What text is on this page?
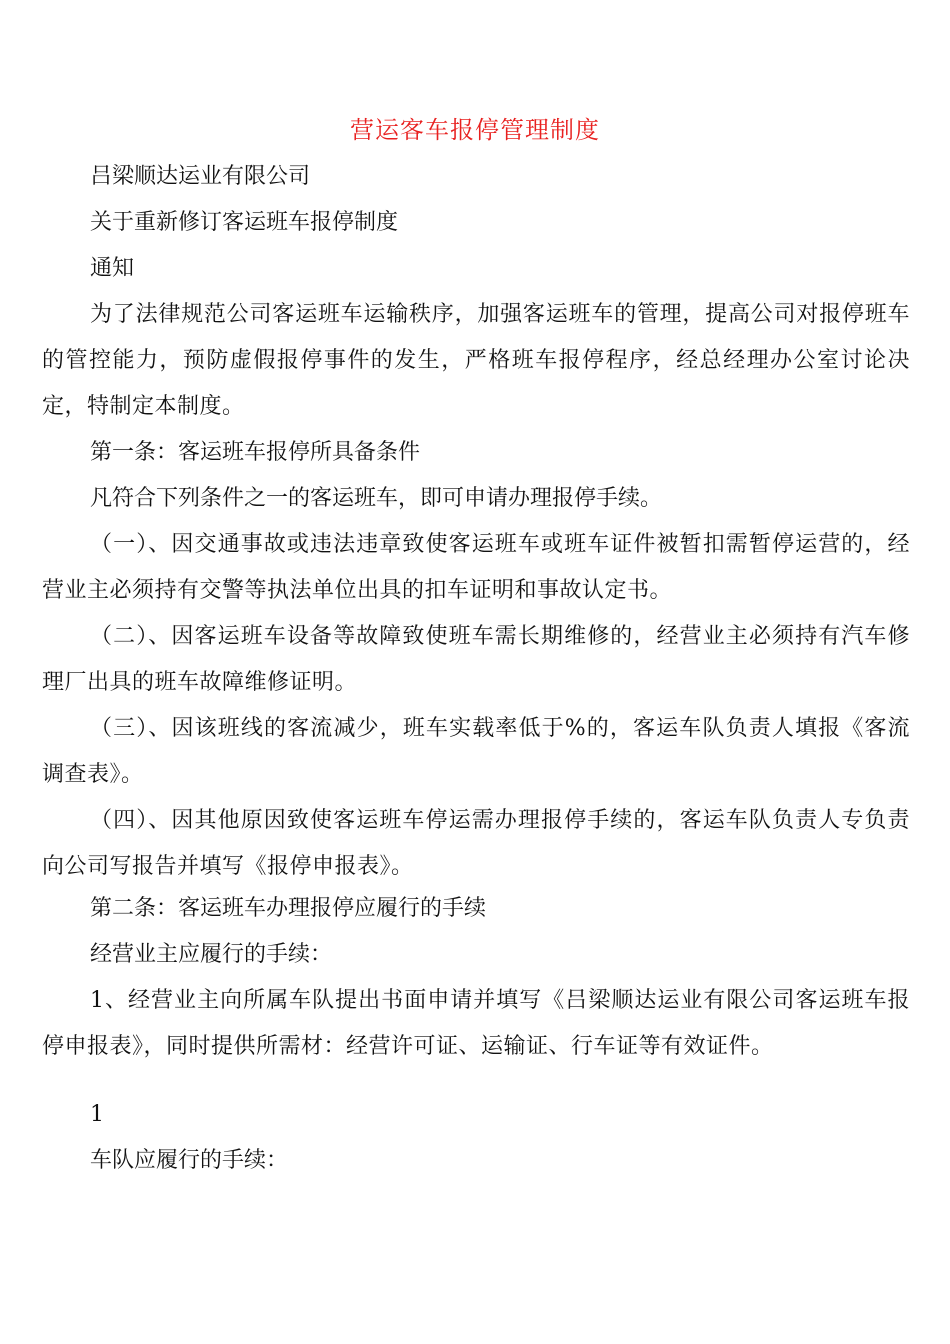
营运客车报停管理制度
吕梁顺达运业有限公司
关于重新修订客运班车报停制度
通知
为了法律规范公司客运班车运输秩序，加强客运班车的管理，提高公司对报停班车的管控能力，预防虚假报停事件的发生，严格班车报停程序，经总经理办公室讨论决定，特制定本制度。
第一条：客运班车报停所具备条件
凡符合下列条件之一的客运班车，即可申请办理报停手续。
（一）、因交通事故或违法违章致使客运班车或班车证件被暂扣需暂停运营的，经营业主必须持有交警等执法单位出具的扣车证明和事故认定书。
（二）、因客运班车设备等故障致使班车需长期维修的，经营业主必须持有汽车修理厂出具的班车故障维修证明。
（三）、因该班线的客流减少，班车实载率低于%的，客运车队负责人填报《客流调查表》。
（四）、因其他原因致使客运班车停运需办理报停手续的，客运车队负责人专负责向公司写报告并填写《报停申报表》。
第二条：客运班车办理报停应履行的手续
经营业主应履行的手续：
1、经营业主向所属车队提出书面申请并填写《吕梁顺达运业有限公司客运班车报停申报表》，同时提供所需材：经营许可证、运输证、行车证等有效证件。
1
车队应履行的手续：
